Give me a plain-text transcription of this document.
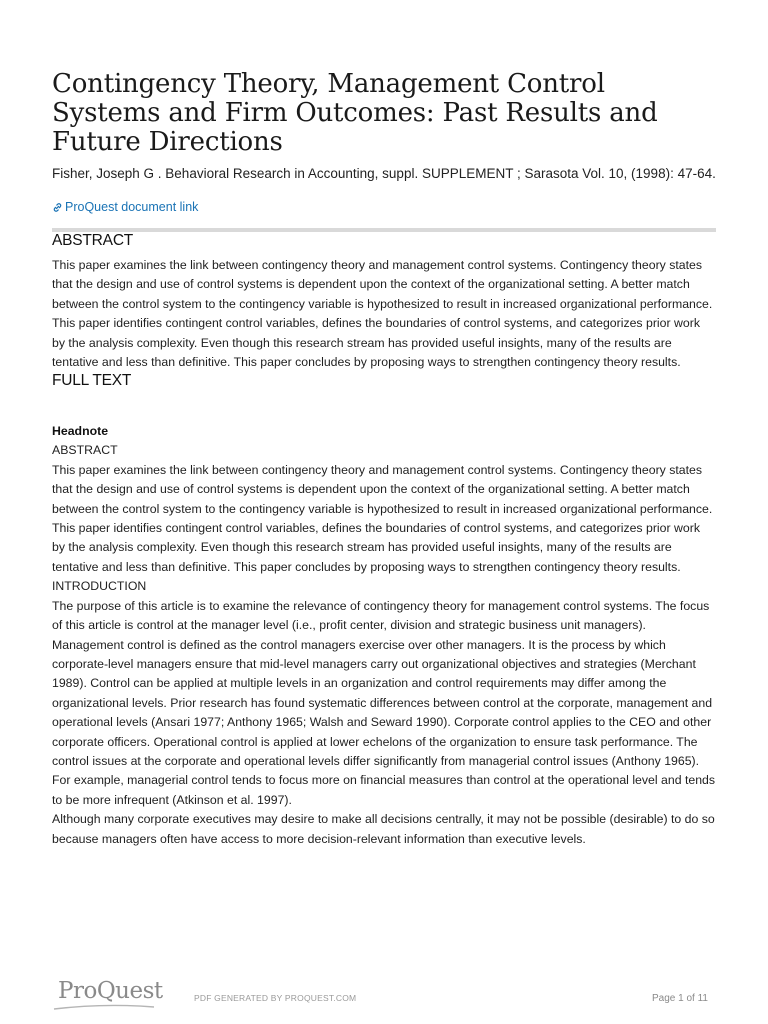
Contingency Theory, Management Control Systems and Firm Outcomes: Past Results and Future Directions
Fisher, Joseph G . Behavioral Research in Accounting, suppl. SUPPLEMENT ; Sarasota Vol. 10, (1998): 47-64.
ProQuest document link
ABSTRACT

This paper examines the link between contingency theory and management control systems. Contingency theory states that the design and use of control systems is dependent upon the context of the organizational setting. A better match between the control system to the contingency variable is hypothesized to result in increased organizational performance. This paper identifies contingent control variables, defines the boundaries of control systems, and categorizes prior work by the analysis complexity. Even though this research stream has provided useful insights, many of the results are tentative and less than definitive. This paper concludes by proposing ways to strengthen contingency theory results.

FULL TEXT
Headnote

ABSTRACT

This paper examines the link between contingency theory and management control systems. Contingency theory states that the design and use of control systems is dependent upon the context of the organizational setting. A better match between the control system to the contingency variable is hypothesized to result in increased organizational performance. This paper identifies contingent control variables, defines the boundaries of control systems, and categorizes prior work by the analysis complexity. Even though this research stream has provided useful insights, many of the results are tentative and less than definitive. This paper concludes by proposing ways to strengthen contingency theory results.

INTRODUCTION

The purpose of this article is to examine the relevance of contingency theory for management control systems. The focus of this article is control at the manager level (i.e., profit center, division and strategic business unit managers). Management control is defined as the control managers exercise over other managers. It is the process by which corporate-level managers ensure that mid-level managers carry out organizational objectives and strategies (Merchant 1989). Control can be applied at multiple levels in an organization and control requirements may differ among the organizational levels. Prior research has found systematic differences between control at the corporate, management and operational levels (Ansari 1977; Anthony 1965; Walsh and Seward 1990). Corporate control applies to the CEO and other corporate officers. Operational control is applied at lower echelons of the organization to ensure task performance. The control issues at the corporate and operational levels differ significantly from managerial control issues (Anthony 1965). For example, managerial control tends to focus more on financial measures than control at the operational level and tends to be more infrequent (Atkinson et al. 1997).

Although many corporate executives may desire to make all decisions centrally, it may not be possible (desirable) to do so because managers often have access to more decision-relevant information than executive levels.

ProQuest	PDF GENERATED BY PROQUEST.COM	Page 1 of 11
